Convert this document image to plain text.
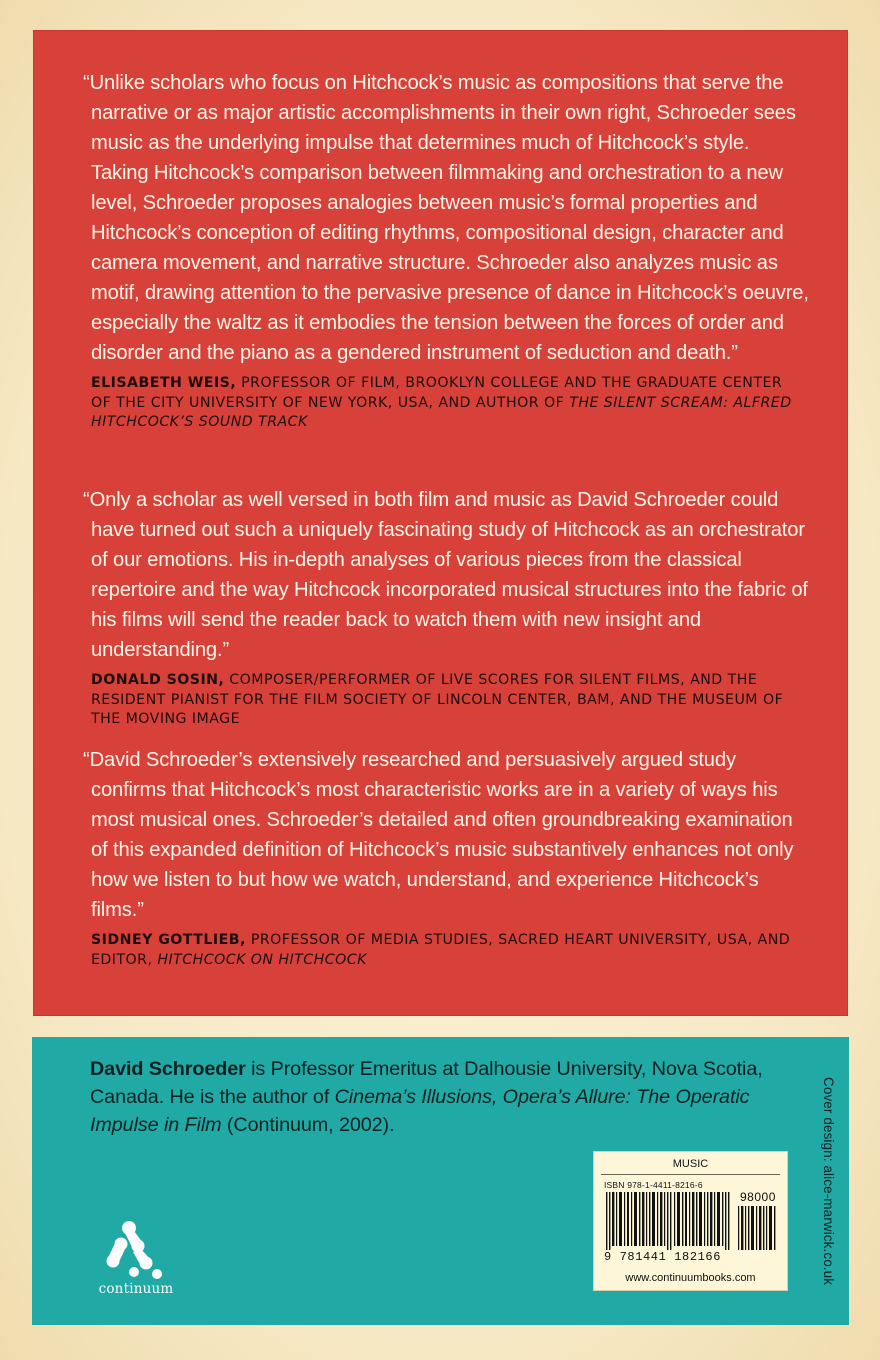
“Unlike scholars who focus on Hitchcock’s music as compositions that serve the narrative or as major artistic accomplishments in their own right, Schroeder sees music as the underlying impulse that determines much of Hitchcock’s style. Taking Hitchcock’s comparison between filmmaking and orchestration to a new level, Schroeder proposes analogies between music’s formal properties and Hitchcock’s conception of editing rhythms, compositional design, character and camera movement, and narrative structure. Schroeder also analyzes music as motif, drawing attention to the pervasive presence of dance in Hitchcock’s oeuvre, especially the waltz as it embodies the tension between the forces of order and disorder and the piano as a gendered instrument of seduction and death.”

ELISABETH WEIS, PROFESSOR OF FILM, BROOKLYN COLLEGE AND THE GRADUATE CENTER OF THE CITY UNIVERSITY OF NEW YORK, USA, AND AUTHOR OF THE SILENT SCREAM: ALFRED HITCHCOCK’S SOUND TRACK

“Only a scholar as well versed in both film and music as David Schroeder could have turned out such a uniquely fascinating study of Hitchcock as an orchestrator of our emotions. His in-depth analyses of various pieces from the classical repertoire and the way Hitchcock incorporated musical structures into the fabric of his films will send the reader back to watch them with new insight and understanding.”

DONALD SOSIN, COMPOSER/PERFORMER OF LIVE SCORES FOR SILENT FILMS, AND THE RESIDENT PIANIST FOR THE FILM SOCIETY OF LINCOLN CENTER, BAM, AND THE MUSEUM OF THE MOVING IMAGE

“David Schroeder’s extensively researched and persuasively argued study confirms that Hitchcock’s most characteristic works are in a variety of ways his most musical ones. Schroeder’s detailed and often groundbreaking examination of this expanded definition of Hitchcock’s music substantively enhances not only how we listen to but how we watch, understand, and experience Hitchcock’s films.”

SIDNEY GOTTLIEB, PROFESSOR OF MEDIA STUDIES, SACRED HEART UNIVERSITY, USA, AND EDITOR, HITCHCOCK ON HITCHCOCK

David Schroeder is Professor Emeritus at Dalhousie University, Nova Scotia, Canada. He is the author of Cinema’s Illusions, Opera’s Allure: The Operatic Impulse in Film (Continuum, 2002).	Cover design: alice-marwick.co.uk
continuum
MUSIC
ISBN 978-1-4411-8216-6
98000
9 781441 182166
www.continuumbooks.com
